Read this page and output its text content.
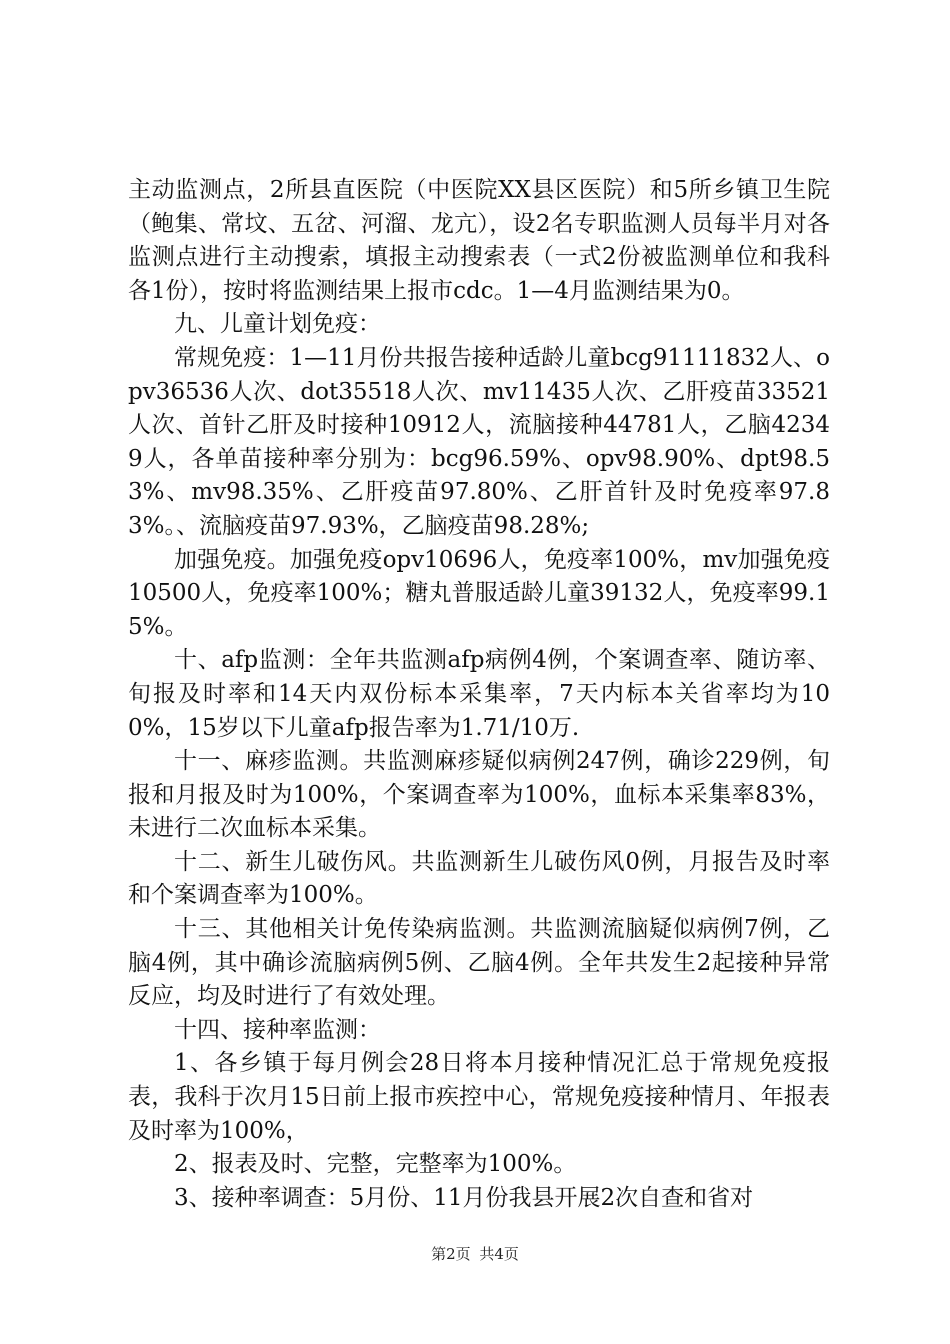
主动监测点，2所县直医院（中医院XX县区医院）和5所乡镇卫生院（鲍集、常坟、五岔、河溜、龙亢），设2名专职监测人员每半月对各监测点进行主动搜索，填报主动搜索表（一式2份被监测单位和我科各1份），按时将监测结果上报市cdc。1—4月监测结果为0。

九、儿童计划免疫：

常规免疫：1—11月份共报告接种适龄儿童bcg91111832人、opv36536人次、dot35518人次、mv11435人次、乙肝疫苗33521人次、首针乙肝及时接种10912人，流脑接种44781人，乙脑42349人，各单苗接种率分别为：bcg96.59%、opv98.90%、dpt98.53%、mv98.35%、乙肝疫苗97.80%、乙肝首针及时免疫率97.83%。、流脑疫苗97.93%，乙脑疫苗98.28%;

加强免疫。加强免疫opv10696人，免疫率100%，mv加强免疫10500人，免疫率100%；糖丸普服适龄儿童39132人，免疫率99.15%。

十、afp监测：全年共监测afp病例4例，个案调查率、随访率、旬报及时率和14天内双份标本采集率，7天内标本关省率均为100%，15岁以下儿童afp报告率为1.71/10万.

十一、麻疹监测。共监测麻疹疑似病例247例，确诊229例，旬报和月报及时为100%，个案调查率为100%，血标本采集率83%，未进行二次血标本采集。

十二、新生儿破伤风。共监测新生儿破伤风0例，月报告及时率和个案调查率为100%。

十三、其他相关计免传染病监测。共监测流脑疑似病例7例，乙脑4例，其中确诊流脑病例5例、乙脑4例。全年共发生2起接种异常反应，均及时进行了有效处理。

十四、接种率监测：

1、各乡镇于每月例会28日将本月接种情况汇总于常规免疫报表，我科于次月15日前上报市疾控中心，常规免疫接种情月、年报表及时率为100%，

2、报表及时、完整，完整率为100%。

3、接种率调查：5月份、11月份我县开展2次自查和省对

第2页 共4页
